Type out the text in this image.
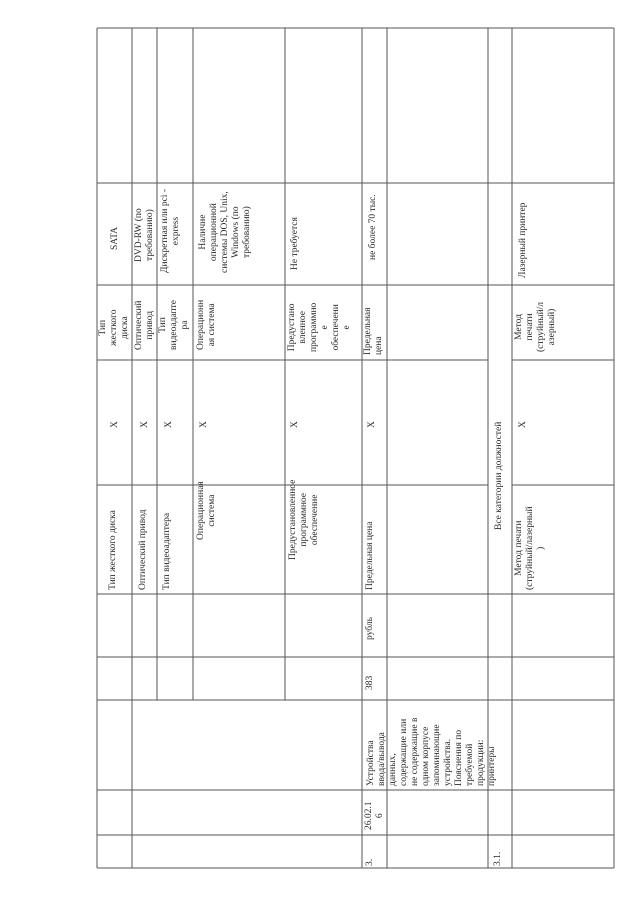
Тип жесткого диска
X
Тип
жесткого
диска
SATA
Оптический привод
X
Оптический
привод
DVD-RW (по
требованию)
Тип видеоадаптера
X
Тип
видеоадапте
ра
Дискретная или pci -
express
Операционная
система
X
Операционн
ая система
Наличие
операционной
системы DOS, Unix,
Windows (по
требованию)
Предустановленное
программное
обеспечение
X
Предустано
вленное
программно
е
обеспечени
е
Не требуется
383
рубль
Предельная цена
X
Предельная
цена
не более 70 тыс.
3.
26.02.1
6
Устройства
ввода/вывода
данных,
содержащие или
не содержащие в
одном корпусе
запоминающие
устройства.
Пояснения по
требуемой
продукции:
принтеры
Все категории должностей
3.1.
Метод печати
(струйный/лазерный
)
X
Метод
печати
(струйный/л
азерный)
Лазерный принтер
